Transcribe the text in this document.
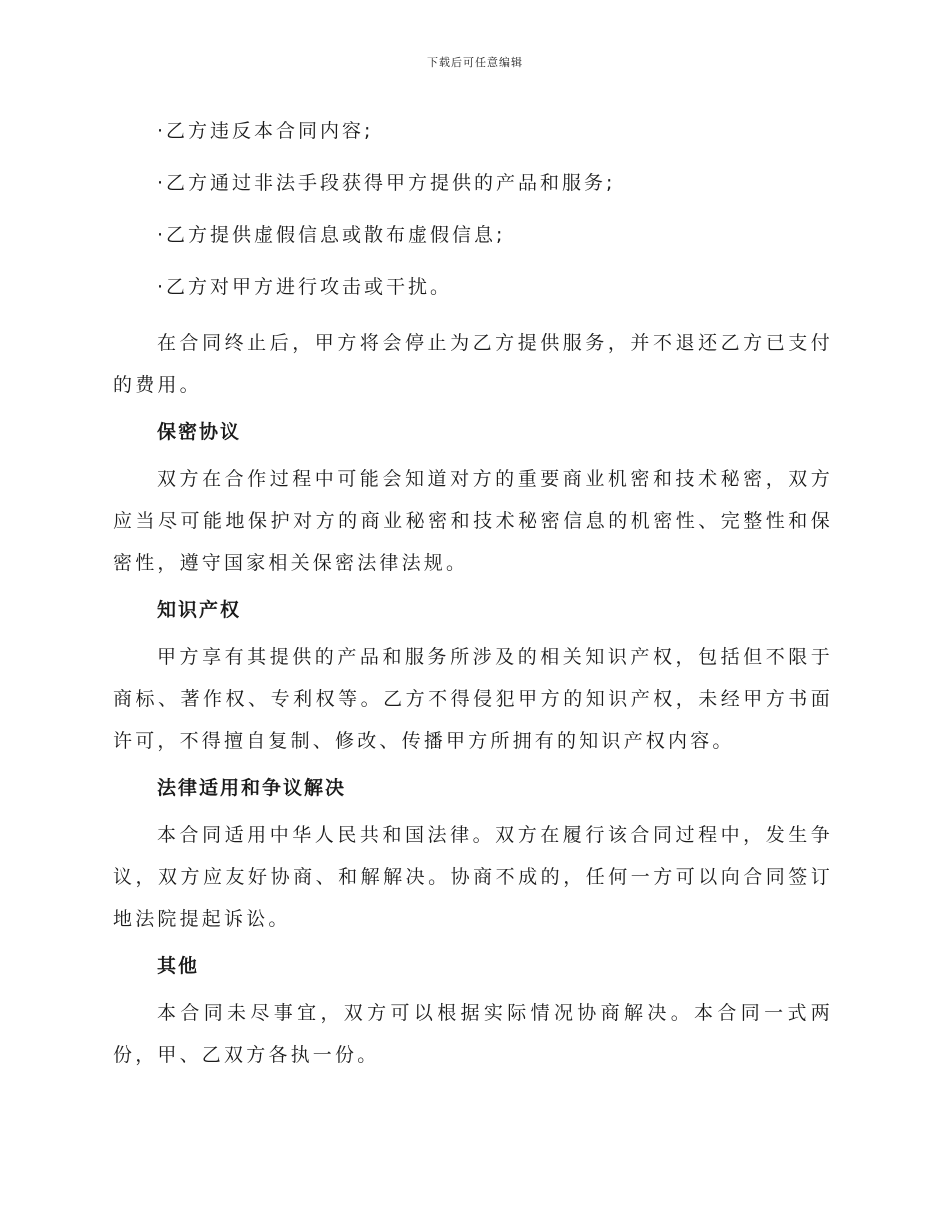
下载后可任意编辑
·乙方违反本合同内容;
·乙方通过非法手段获得甲方提供的产品和服务;
·乙方提供虚假信息或散布虚假信息;
·乙方对甲方进行攻击或干扰。

在合同终止后，甲方将会停止为乙方提供服务，并不退还乙方已支付的费用。

保密协议

双方在合作过程中可能会知道对方的重要商业机密和技术秘密，双方应当尽可能地保护对方的商业秘密和技术秘密信息的机密性、完整性和保密性，遵守国家相关保密法律法规。

知识产权

甲方享有其提供的产品和服务所涉及的相关知识产权，包括但不限于商标、著作权、专利权等。乙方不得侵犯甲方的知识产权，未经甲方书面许可，不得擅自复制、修改、传播甲方所拥有的知识产权内容。

法律适用和争议解决

本合同适用中华人民共和国法律。双方在履行该合同过程中，发生争议，双方应友好协商、和解解决。协商不成的，任何一方可以向合同签订地法院提起诉讼。

其他

本合同未尽事宜，双方可以根据实际情况协商解决。本合同一式两份，甲、乙双方各执一份。
